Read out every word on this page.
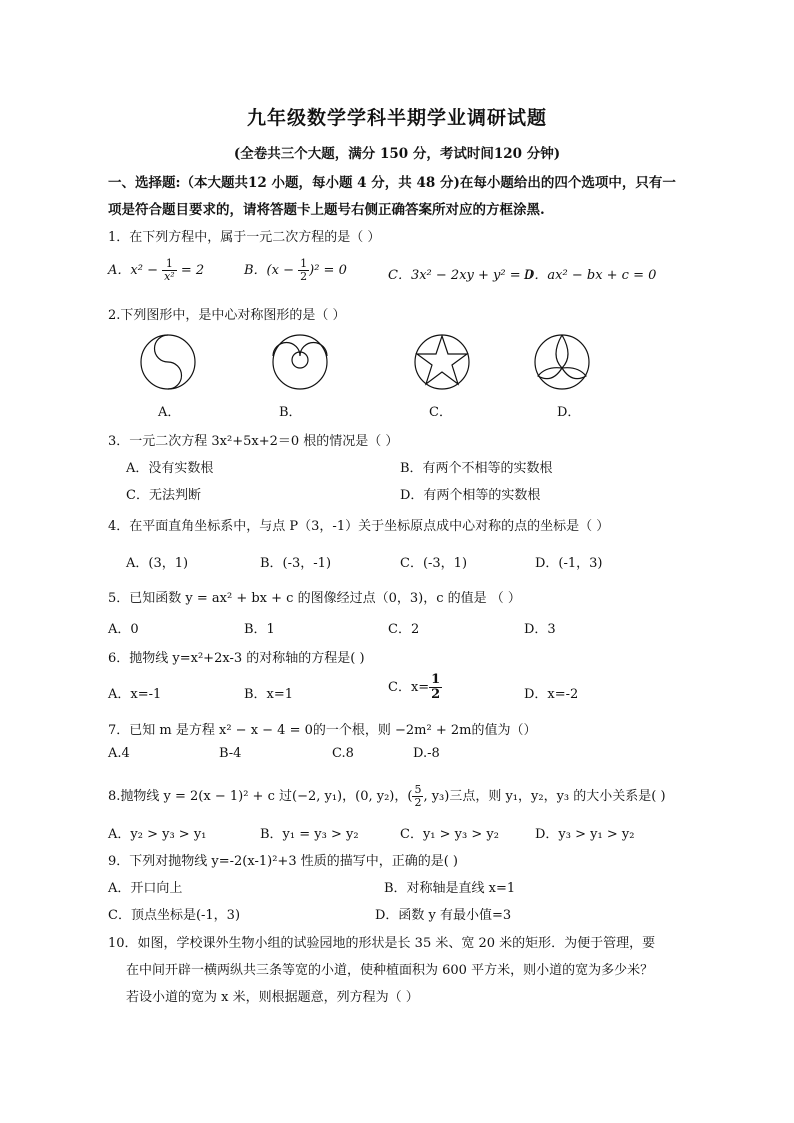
九年级数学学科半期学业调研试题
(全卷共三个大题，满分 150 分，考试时间120 分钟)
一、选择题:（本大题共12 小题，每小题 4 分，共 48 分)在每小题给出的四个选项中，只有一
项是符合题目要求的，请将答题卡上题号右侧正确答案所对应的方框涂黑.
1．在下列方程中，属于一元二次方程的是（ ）
A．$x^2 - \frac{1}{\text{x²}} = 2$	B．$(x - \frac{1}{2} )^2 = 0$	C．3x² − 2xy + y² = 0
D．ax² − bx + c = 0
2.下列图形中，是中心对称图形的是（ ）
A．	B．	C．	D．
3．一元二次方程 3x²+5x+2＝0 根的情况是（ ）
A．没有实数根	B．有两个不相等的实数根
C．无法判断	D．有两个相等的实数根
4．在平面直角坐标系中，与点 P（3，-1）关于坐标原点成中心对称的点的坐标是（ ）
A．(3，1)	B．(-3，-1)	C．(-3，1)	D．(-1，3)
5．已知函数 y = ax² + bx + c 的图像经过点（0，3)，c 的值是 （ ）
A．0	B．1	C．2	D．3
6．抛物线 y=x²+2x-3 的对称轴的方程是( )
A．x=-1	B．x=1	C．$x= \frac{1}{2}$	D．x=-2
7．已知 m 是方程 x² − x − 4 = 0的一个根，则 −2m² + 2m的值为（）
A.4	B-4	C.8	D.-8
8.抛物线 y = 2(x − 1)² + c 过(−2, y₁)，(0, y₂)，( $\frac{5}{2}$ , y₃)三点，则 y₁，y₂，y₃ 的大小关系是( )
A．y₂ > y₃ > y₁	B．y₁ = y₃ > y₂	C．y₁ > y₃ > y₂	D．y₃ > y₁ > y₂
9．下列对抛物线 y=-2(x-1)²+3 性质的描写中，正确的是( )
A．开口向上	B．对称轴是直线 x=1
C．顶点坐标是(-1，3)	D．函数 y 有最小值=3
10．如图，学校课外生物小组的试验园地的形状是长 35 米、宽 20 米的矩形．为便于管理，要
在中间开辟一横两纵共三条等宽的小道，使种植面积为 600 平方米，则小道的宽为多少米？
若设小道的宽为 x 米，则根据题意，列方程为（ ）
